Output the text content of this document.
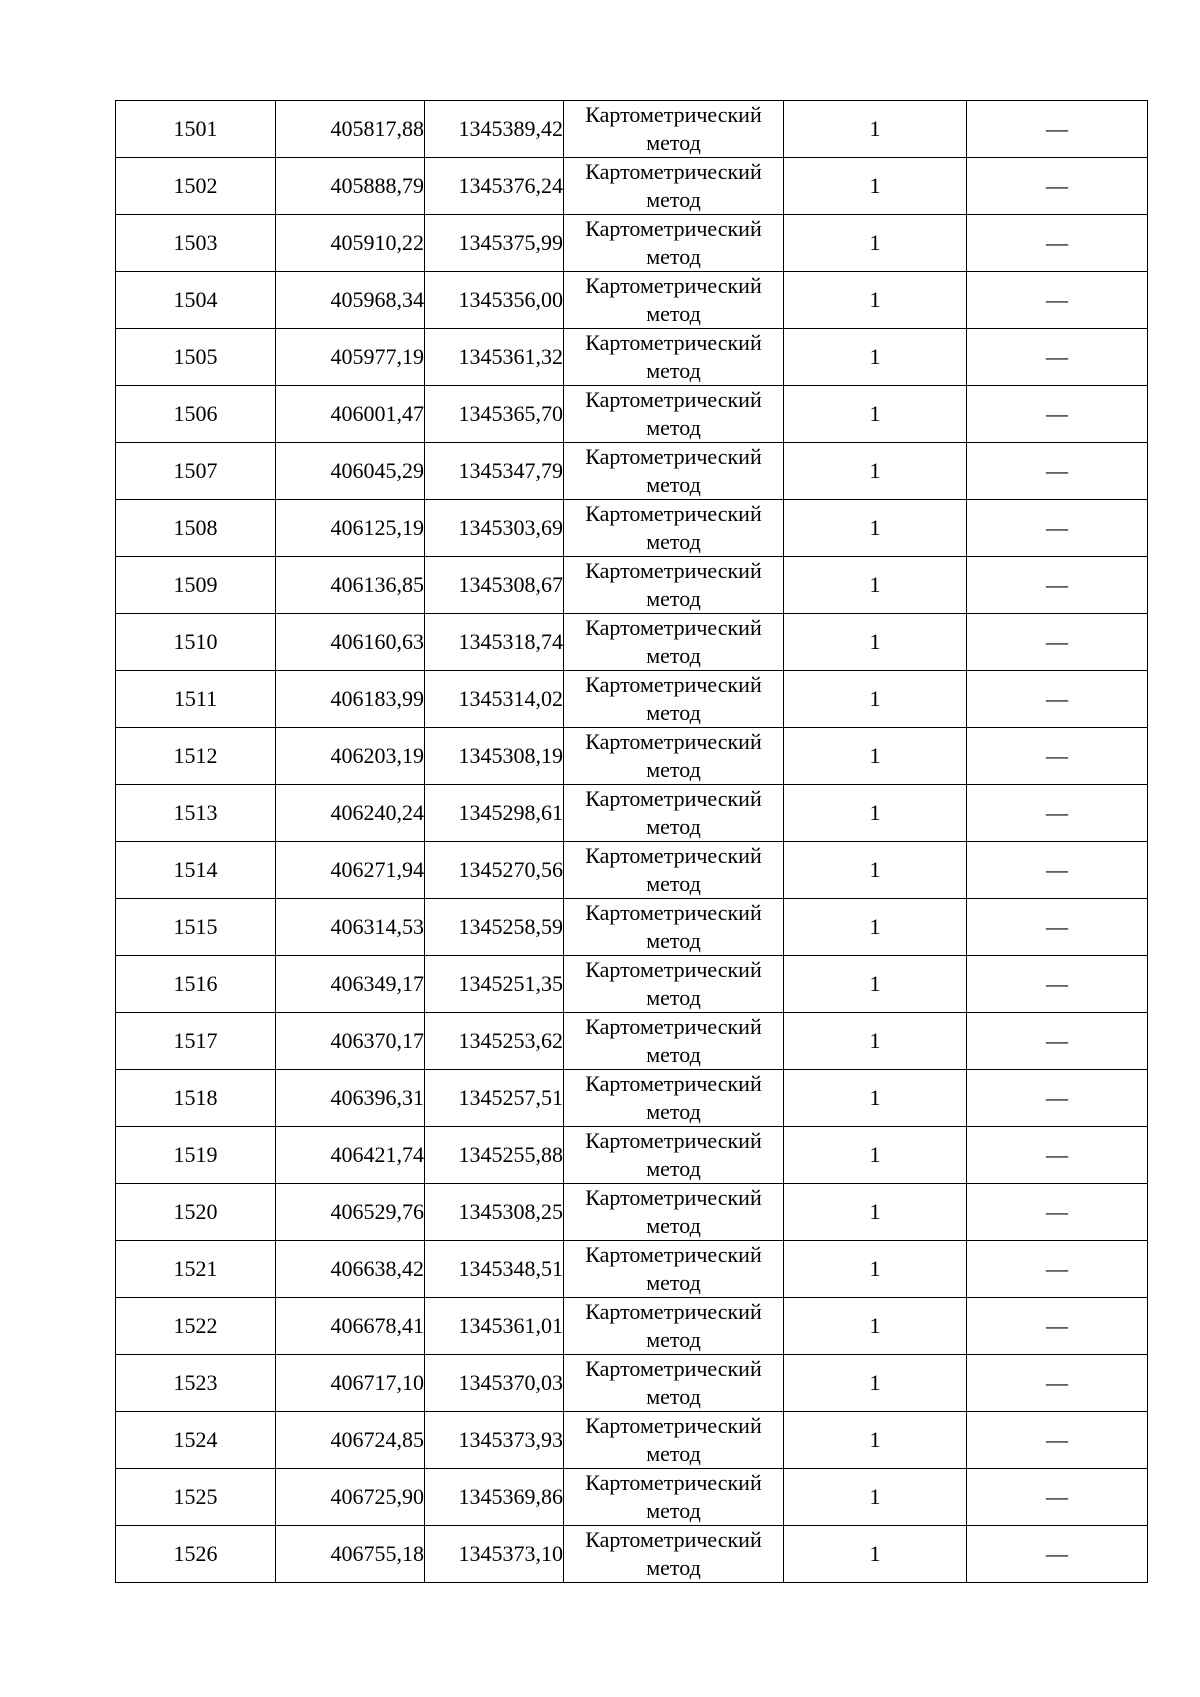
1501	405817,88	1345389,42	Картометрический
метод	1	—
1502	405888,79	1345376,24	Картометрический
метод	1	—
1503	405910,22	1345375,99	Картометрический
метод	1	—
1504	405968,34	1345356,00	Картометрический
метод	1	—
1505	405977,19	1345361,32	Картометрический
метод	1	—
1506	406001,47	1345365,70	Картометрический
метод	1	—
1507	406045,29	1345347,79	Картометрический
метод	1	—
1508	406125,19	1345303,69	Картометрический
метод	1	—
1509	406136,85	1345308,67	Картометрический
метод	1	—
1510	406160,63	1345318,74	Картометрический
метод	1	—
1511	406183,99	1345314,02	Картометрический
метод	1	—
1512	406203,19	1345308,19	Картометрический
метод	1	—
1513	406240,24	1345298,61	Картометрический
метод	1	—
1514	406271,94	1345270,56	Картометрический
метод	1	—
1515	406314,53	1345258,59	Картометрический
метод	1	—
1516	406349,17	1345251,35	Картометрический
метод	1	—
1517	406370,17	1345253,62	Картометрический
метод	1	—
1518	406396,31	1345257,51	Картометрический
метод	1	—
1519	406421,74	1345255,88	Картометрический
метод	1	—
1520	406529,76	1345308,25	Картометрический
метод	1	—
1521	406638,42	1345348,51	Картометрический
метод	1	—
1522	406678,41	1345361,01	Картометрический
метод	1	—
1523	406717,10	1345370,03	Картометрический
метод	1	—
1524	406724,85	1345373,93	Картометрический
метод	1	—
1525	406725,90	1345369,86	Картометрический
метод	1	—
1526	406755,18	1345373,10	Картометрический
метод	1	—
